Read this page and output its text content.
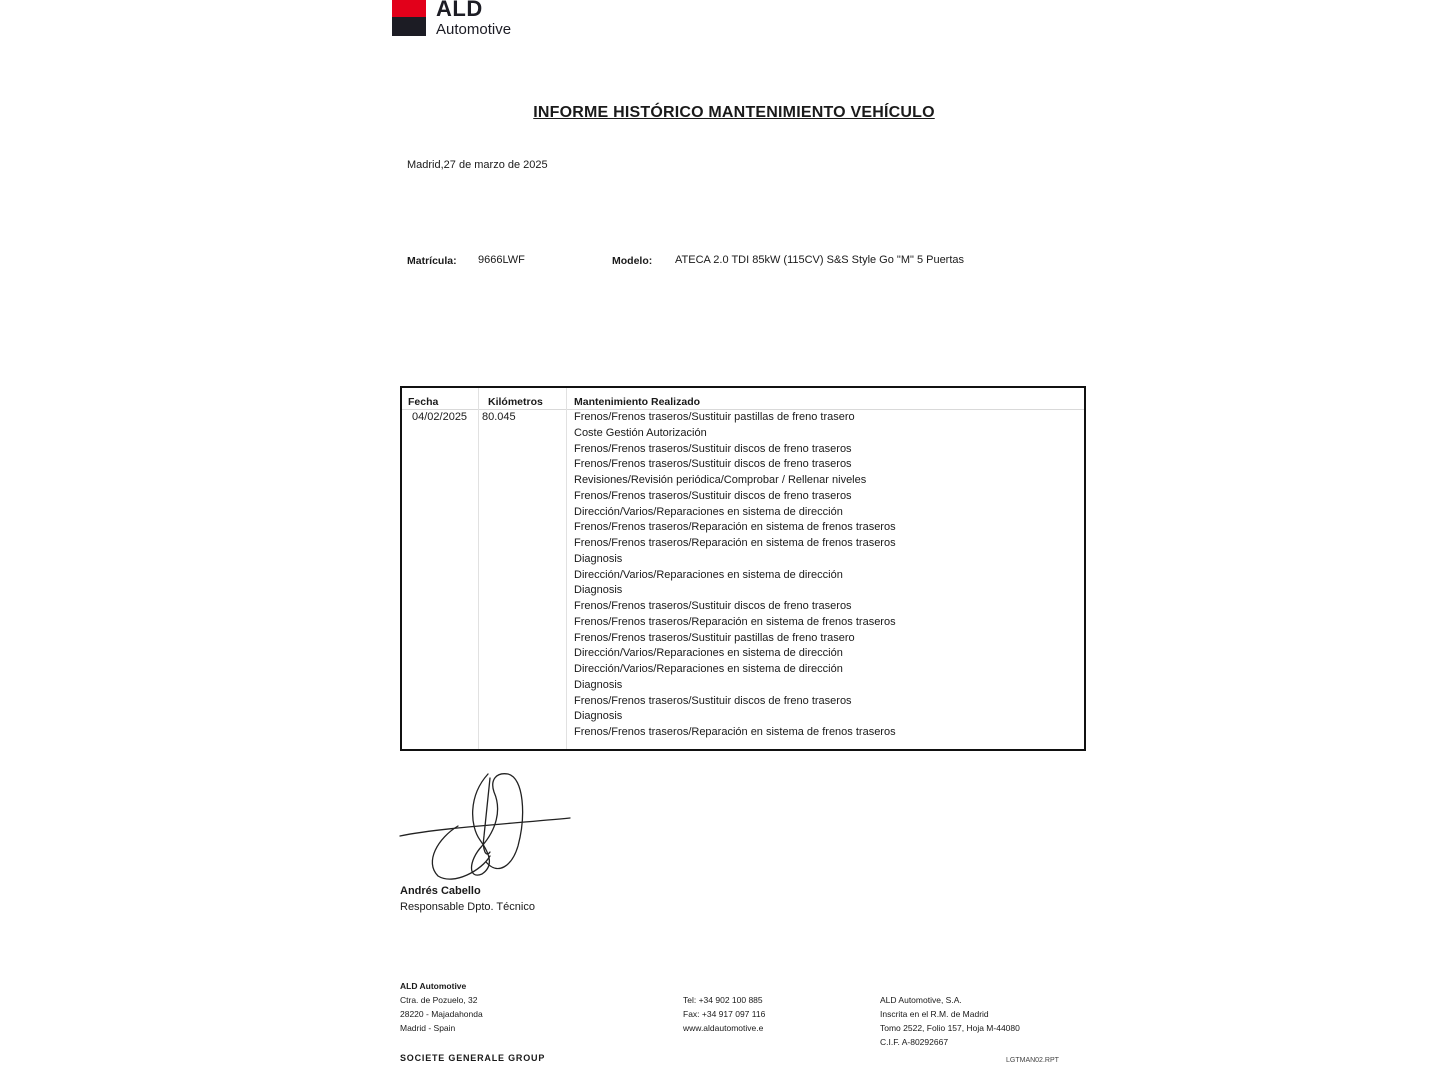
ALD
Automotive
INFORME HISTÓRICO MANTENIMIENTO VEHÍCULO
Madrid,27 de marzo de 2025
Matrícula: 9666LWF	Modelo: ATECA 2.0 TDI 85kW (115CV) S&S Style Go "M" 5 Puertas
Fecha	Kilómetros	Mantenimiento Realizado
04/02/2025 80.045	Frenos/Frenos traseros/Sustituir pastillas de freno trasero
Coste Gestión Autorización
Frenos/Frenos traseros/Sustituir discos de freno traseros
Frenos/Frenos traseros/Sustituir discos de freno traseros
Revisiones/Revisión periódica/Comprobar / Rellenar niveles
Frenos/Frenos traseros/Sustituir discos de freno traseros
Dirección/Varios/Reparaciones en sistema de dirección
Frenos/Frenos traseros/Reparación en sistema de frenos traseros
Frenos/Frenos traseros/Reparación en sistema de frenos traseros
Diagnosis
Dirección/Varios/Reparaciones en sistema de dirección
Diagnosis
Frenos/Frenos traseros/Sustituir discos de freno traseros
Frenos/Frenos traseros/Reparación en sistema de frenos traseros
Frenos/Frenos traseros/Sustituir pastillas de freno trasero
Dirección/Varios/Reparaciones en sistema de dirección
Dirección/Varios/Reparaciones en sistema de dirección
Diagnosis
Frenos/Frenos traseros/Sustituir discos de freno traseros
Diagnosis
Frenos/Frenos traseros/Reparación en sistema de frenos traseros
Andrés Cabello
Responsable Dpto. Técnico
ALD Automotive
Ctra. de Pozuelo, 32
28220 - Majadahonda
Madrid - Spain
Tel: +34 902 100 885
Fax: +34 917 097 116
www.aldautomotive.e
ALD Automotive, S.A.
Inscrita en el R.M. de Madrid
Tomo 2522, Folio 157, Hoja M-44080
C.I.F. A-80292667
SOCIETE GENERALE GROUP	LGTMAN02.RPT
